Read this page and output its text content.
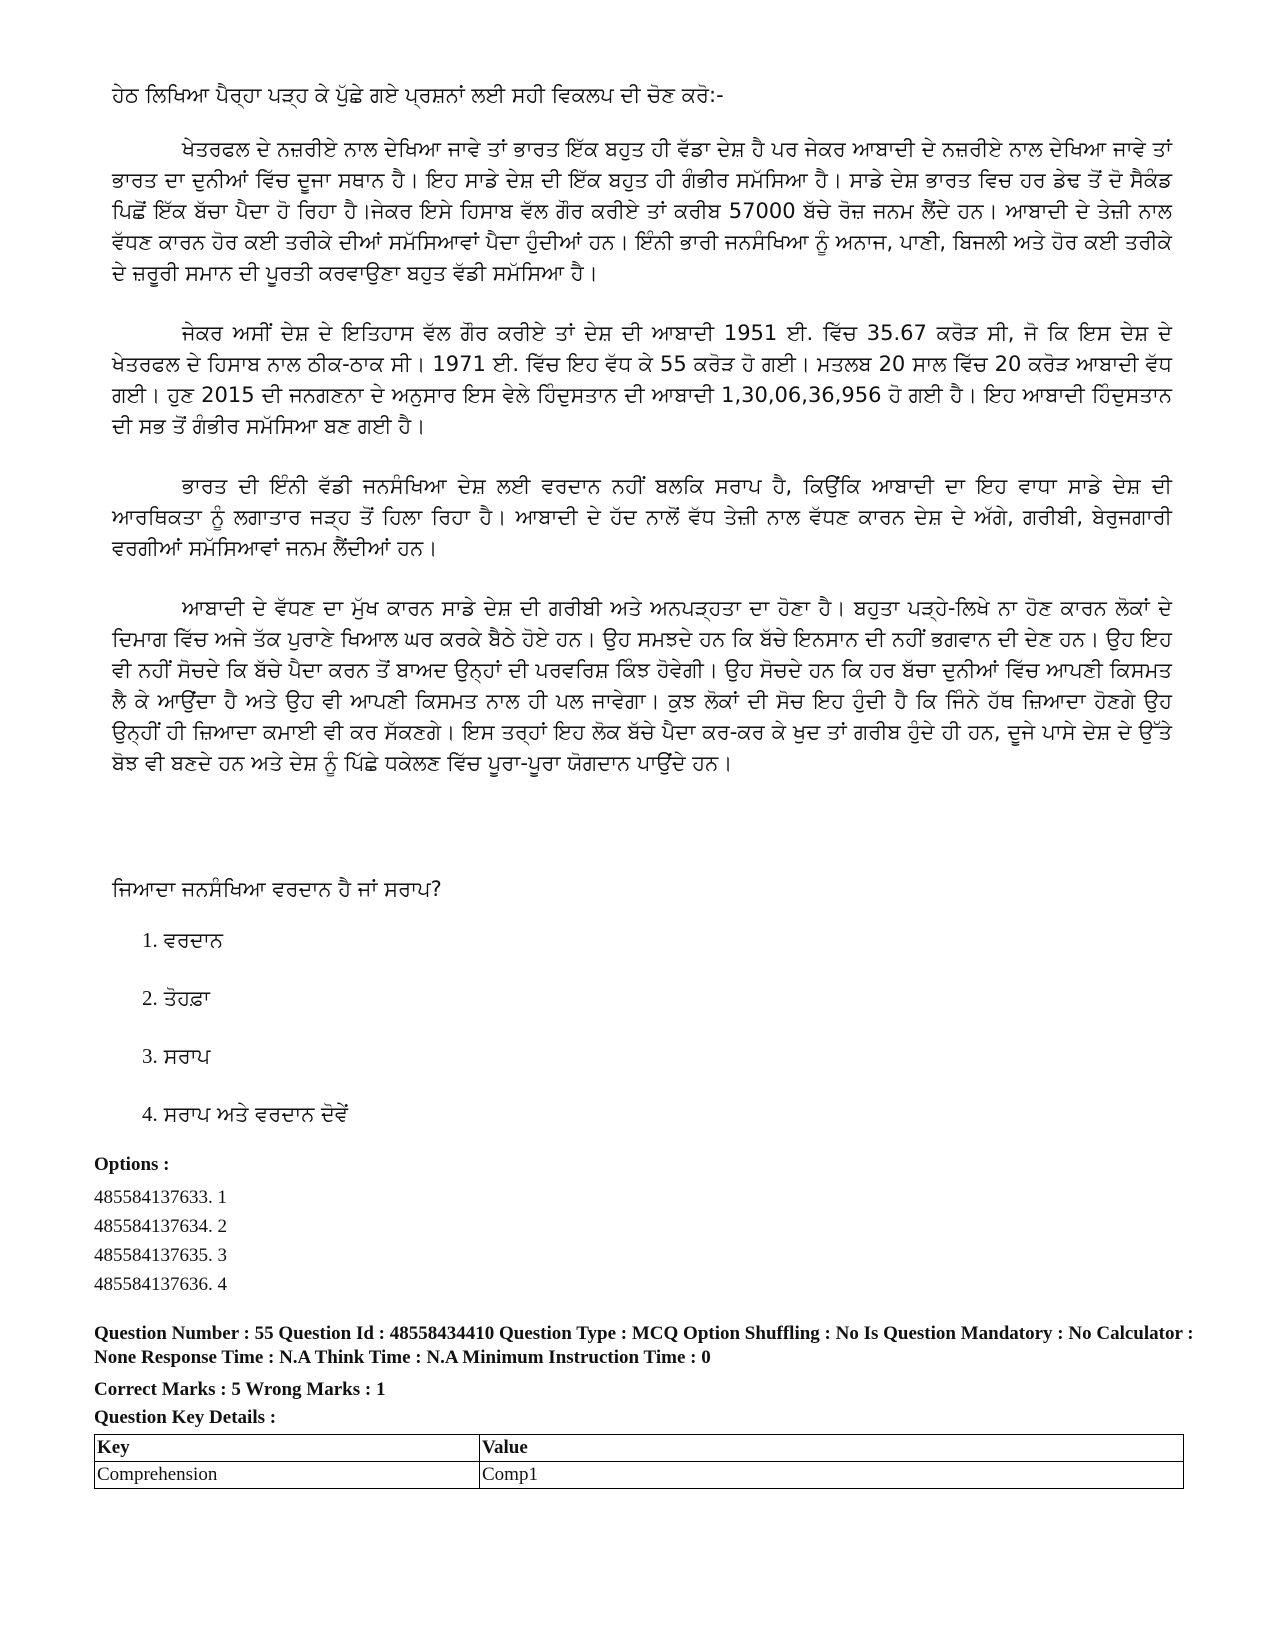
ਹੇਠ ਲਿਖਿਆ ਪੈਰ੍ਹਾ ਪੜ੍ਹ ਕੇ ਪੁੱਛੇ ਗਏ ਪ੍ਰਸ਼ਨਾਂ ਲਈ ਸਹੀ ਵਿਕਲਪ ਦੀ ਚੋਣ ਕਰੋ:-

ਖੇਤਰਫਲ ਦੇ ਨਜ਼ਰੀਏ ਨਾਲ ਦੇਖਿਆ ਜਾਵੇ ਤਾਂ ਭਾਰਤ ਇੱਕ ਬਹੁਤ ਹੀ ਵੱਡਾ ਦੇਸ਼ ਹੈ ਪਰ ਜੇਕਰ ਆਬਾਦੀ ਦੇ ਨਜ਼ਰੀਏ ਨਾਲ ਦੇਖਿਆ ਜਾਵੇ ਤਾਂ ਭਾਰਤ ਦਾ ਦੁਨੀਆਂ ਵਿੱਚ ਦੂਜਾ ਸਥਾਨ ਹੈ। ਇਹ ਸਾਡੇ ਦੇਸ਼ ਦੀ ਇੱਕ ਬਹੁਤ ਹੀ ਗੰਭੀਰ ਸਮੱਸਿਆ ਹੈ। ਸਾਡੇ ਦੇਸ਼ ਭਾਰਤ ਵਿਚ ਹਰ ਡੇਢ ਤੋਂ ਦੋ ਸੈਕੰਡ ਪਿਛੋਂ ਇੱਕ ਬੱਚਾ ਪੈਦਾ ਹੋ ਰਿਹਾ ਹੈ।ਜੇਕਰ ਇਸੇ ਹਿਸਾਬ ਵੱਲ ਗੌਰ ਕਰੀਏ ਤਾਂ ਕਰੀਬ 57000 ਬੱਚੇ ਰੋਜ਼ ਜਨਮ ਲੈਂਦੇ ਹਨ। ਆਬਾਦੀ ਦੇ ਤੇਜ਼ੀ ਨਾਲ ਵੱਧਣ ਕਾਰਨ ਹੋਰ ਕਈ ਤਰੀਕੇ ਦੀਆਂ ਸਮੱਸਿਆਵਾਂ ਪੈਦਾ ਹੁੰਦੀਆਂ ਹਨ। ਇੰਨੀ ਭਾਰੀ ਜਨਸੰਖਿਆ ਨੂੰ ਅਨਾਜ, ਪਾਣੀ, ਬਿਜਲੀ ਅਤੇ ਹੋਰ ਕਈ ਤਰੀਕੇ ਦੇ ਜ਼ਰੂਰੀ ਸਮਾਨ ਦੀ ਪੂਰਤੀ ਕਰਵਾਉਣਾ ਬਹੁਤ ਵੱਡੀ ਸਮੱਸਿਆ ਹੈ।

ਜੇਕਰ ਅਸੀਂ ਦੇਸ਼ ਦੇ ਇਤਿਹਾਸ ਵੱਲ ਗੌਰ ਕਰੀਏ ਤਾਂ ਦੇਸ਼ ਦੀ ਆਬਾਦੀ 1951 ਈ. ਵਿੱਚ 35.67 ਕਰੋੜ ਸੀ, ਜੋ ਕਿ ਇਸ ਦੇਸ਼ ਦੇ ਖੇਤਰਫਲ ਦੇ ਹਿਸਾਬ ਨਾਲ ਠੀਕ-ਠਾਕ ਸੀ। 1971 ਈ. ਵਿੱਚ ਇਹ ਵੱਧ ਕੇ 55 ਕਰੋੜ ਹੋ ਗਈ। ਮਤਲਬ 20 ਸਾਲ ਵਿੱਚ 20 ਕਰੋੜ ਆਬਾਦੀ ਵੱਧ ਗਈ। ਹੁਣ 2015 ਦੀ ਜਨਗਣਨਾ ਦੇ ਅਨੁਸਾਰ ਇਸ ਵੇਲੇ ਹਿੰਦੁਸਤਾਨ ਦੀ ਆਬਾਦੀ 1,30,06,36,956 ਹੋ ਗਈ ਹੈ। ਇਹ ਆਬਾਦੀ ਹਿੰਦੁਸਤਾਨ ਦੀ ਸਭ ਤੋਂ ਗੰਭੀਰ ਸਮੱਸਿਆ ਬਣ ਗਈ ਹੈ।

ਭਾਰਤ ਦੀ ਇੰਨੀ ਵੱਡੀ ਜਨਸੰਖਿਆ ਦੇਸ਼ ਲਈ ਵਰਦਾਨ ਨਹੀਂ ਬਲਕਿ ਸਰਾਪ ਹੈ, ਕਿਉਂਕਿ ਆਬਾਦੀ ਦਾ ਇਹ ਵਾਧਾ ਸਾਡੇ ਦੇਸ਼ ਦੀ ਆਰਥਿਕਤਾ ਨੂੰ ਲਗਾਤਾਰ ਜੜ੍ਹ ਤੋਂ ਹਿਲਾ ਰਿਹਾ ਹੈ। ਆਬਾਦੀ ਦੇ ਹੱਦ ਨਾਲੋਂ ਵੱਧ ਤੇਜ਼ੀ ਨਾਲ ਵੱਧਣ ਕਾਰਨ ਦੇਸ਼ ਦੇ ਅੱਗੇ, ਗਰੀਬੀ, ਬੇਰੁਜਗਾਰੀ ਵਰਗੀਆਂ ਸਮੱਸਿਆਵਾਂ ਜਨਮ ਲੈਂਦੀਆਂ ਹਨ।

ਆਬਾਦੀ ਦੇ ਵੱਧਣ ਦਾ ਮੁੱਖ ਕਾਰਨ ਸਾਡੇ ਦੇਸ਼ ਦੀ ਗਰੀਬੀ ਅਤੇ ਅਨਪੜ੍ਹਤਾ ਦਾ ਹੋਣਾ ਹੈ। ਬਹੁਤਾ ਪੜ੍ਹੇ-ਲਿਖੇ ਨਾ ਹੋਣ ਕਾਰਨ ਲੋਕਾਂ ਦੇ ਦਿਮਾਗ ਵਿੱਚ ਅਜੇ ਤੱਕ ਪੁਰਾਣੇ ਖਿਆਲ ਘਰ ਕਰਕੇ ਬੈਠੇ ਹੋਏ ਹਨ। ਉਹ ਸਮਝਦੇ ਹਨ ਕਿ ਬੱਚੇ ਇਨਸਾਨ ਦੀ ਨਹੀਂ ਭਗਵਾਨ ਦੀ ਦੇਣ ਹਨ। ਉਹ ਇਹ ਵੀ ਨਹੀਂ ਸੋਚਦੇ ਕਿ ਬੱਚੇ ਪੈਦਾ ਕਰਨ ਤੋਂ ਬਾਅਦ ਉਨ੍ਹਾਂ ਦੀ ਪਰਵਰਿਸ਼ ਕਿੰਝ ਹੋਵੇਗੀ। ਉਹ ਸੋਚਦੇ ਹਨ ਕਿ ਹਰ ਬੱਚਾ ਦੁਨੀਆਂ ਵਿੱਚ ਆਪਣੀ ਕਿਸਮਤ ਲੈ ਕੇ ਆਉਂਦਾ ਹੈ ਅਤੇ ਉਹ ਵੀ ਆਪਣੀ ਕਿਸਮਤ ਨਾਲ ਹੀ ਪਲ ਜਾਵੇਗਾ। ਕੁਝ ਲੋਕਾਂ ਦੀ ਸੋਚ ਇਹ ਹੁੰਦੀ ਹੈ ਕਿ ਜਿੰਨੇ ਹੱਥ ਜ਼ਿਆਦਾ ਹੋਣਗੇ ਉਹ ਉਨ੍ਹੀਂ ਹੀ ਜ਼ਿਆਦਾ ਕਮਾਈ ਵੀ ਕਰ ਸੱਕਣਗੇ। ਇਸ ਤਰ੍ਹਾਂ ਇਹ ਲੋਕ ਬੱਚੇ ਪੈਦਾ ਕਰ-ਕਰ ਕੇ ਖੁਦ ਤਾਂ ਗਰੀਬ ਹੁੰਦੇ ਹੀ ਹਨ, ਦੂਜੇ ਪਾਸੇ ਦੇਸ਼ ਦੇ ਉੱਤੇ ਬੋਝ ਵੀ ਬਣਦੇ ਹਨ ਅਤੇ ਦੇਸ਼ ਨੂੰ ਪਿੱਛੇ ਧਕੇਲਣ ਵਿੱਚ ਪੂਰਾ-ਪੂਰਾ ਯੋਗਦਾਨ ਪਾਉਂਦੇ ਹਨ।

ਜਿਆਦਾ ਜਨਸੰਖਿਆ ਵਰਦਾਨ ਹੈ ਜਾਂ ਸਰਾਪ?
1. ਵਰਦਾਨ
2. ਤੋਹਫ਼ਾ
3. ਸਰਾਪ
4. ਸਰਾਪ ਅਤੇ ਵਰਦਾਨ ਦੋਵੇਂ
Options :
485584137633. 1
485584137634. 2
485584137635. 3
485584137636. 4
Question Number : 55 Question Id : 48558434410 Question Type : MCQ Option Shuffling : No Is Question Mandatory : No Calculator : None Response Time : N.A Think Time : N.A Minimum Instruction Time : 0
Correct Marks : 5 Wrong Marks : 1
Question Key Details :
Key	Value
Comprehension	Comp1
